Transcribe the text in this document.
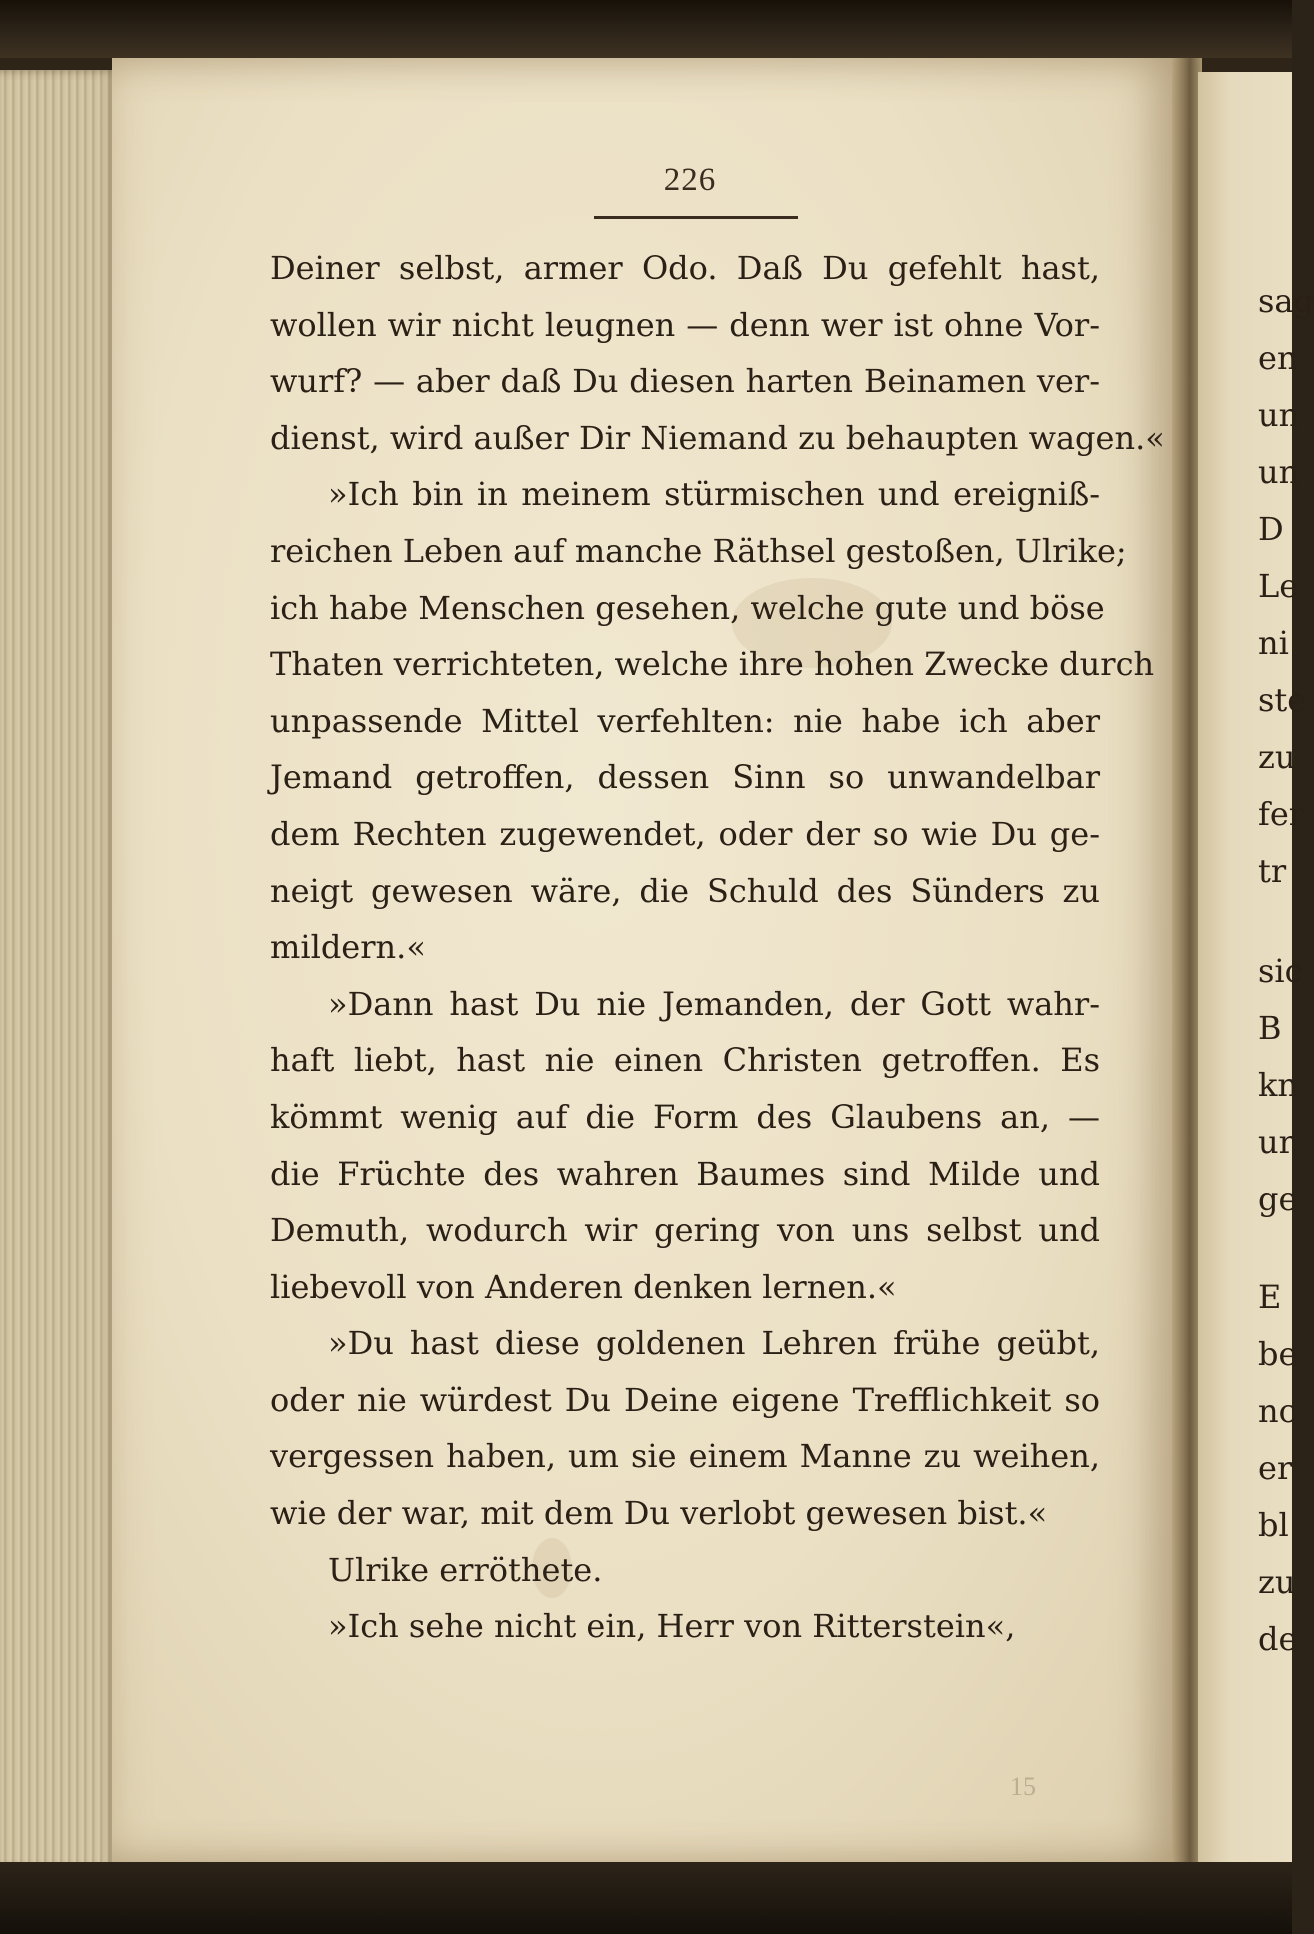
sag
en
un
un
D
Le
ni
ste
zu
fer
tr
sic
B
kn
ur
ge
E
be
nc
er
bl
zu
de
226
Deiner selbst, armer Odo. Daß Du gefehlt hast,
wollen wir nicht leugnen — denn wer ist ohne Vor-
wurf? — aber daß Du diesen harten Beinamen ver-
dienst, wird außer Dir Niemand zu behaupten wagen.«
»Ich bin in meinem stürmischen und ereigniß-
reichen Leben auf manche Räthsel gestoßen, Ulrike;
ich habe Menschen gesehen, welche gute und böse
Thaten verrichteten, welche ihre hohen Zwecke durch
unpassende Mittel verfehlten: nie habe ich aber
Jemand getroffen, dessen Sinn so unwandelbar
dem Rechten zugewendet, oder der so wie Du ge-
neigt gewesen wäre, die Schuld des Sünders zu
mildern.«
»Dann hast Du nie Jemanden, der Gott wahr-
haft liebt, hast nie einen Christen getroffen. Es
kömmt wenig auf die Form des Glaubens an, —
die Früchte des wahren Baumes sind Milde und
Demuth, wodurch wir gering von uns selbst und
liebevoll von Anderen denken lernen.«
»Du hast diese goldenen Lehren frühe geübt,
oder nie würdest Du Deine eigene Trefflichkeit so
vergessen haben, um sie einem Manne zu weihen,
wie der war, mit dem Du verlobt gewesen bist.«
Ulrike erröthete.
»Ich sehe nicht ein, Herr von Ritterstein«,
15
